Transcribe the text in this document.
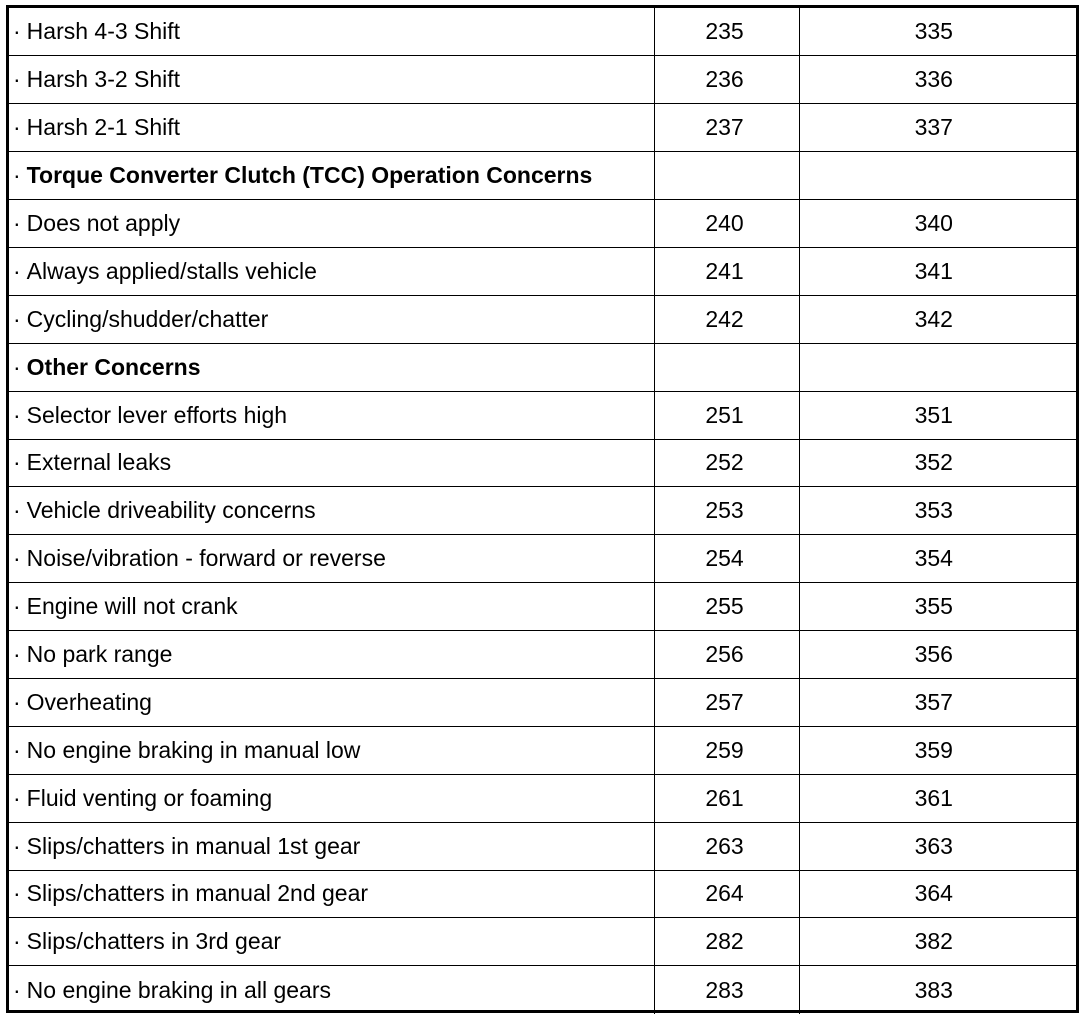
· Harsh 4-3 Shift	235	335
· Harsh 3-2 Shift	236	336
· Harsh 2-1 Shift	237	337
· Torque Converter Clutch (TCC) Operation Concerns		
· Does not apply	240	340
· Always applied/stalls vehicle	241	341
· Cycling/shudder/chatter	242	342
· Other Concerns		
· Selector lever efforts high	251	351
· External leaks	252	352
· Vehicle driveability concerns	253	353
· Noise/vibration - forward or reverse	254	354
· Engine will not crank	255	355
· No park range	256	356
· Overheating	257	357
· No engine braking in manual low	259	359
· Fluid venting or foaming	261	361
· Slips/chatters in manual 1st gear	263	363
· Slips/chatters in manual 2nd gear	264	364
· Slips/chatters in 3rd gear	282	382
· No engine braking in all gears	283	383
